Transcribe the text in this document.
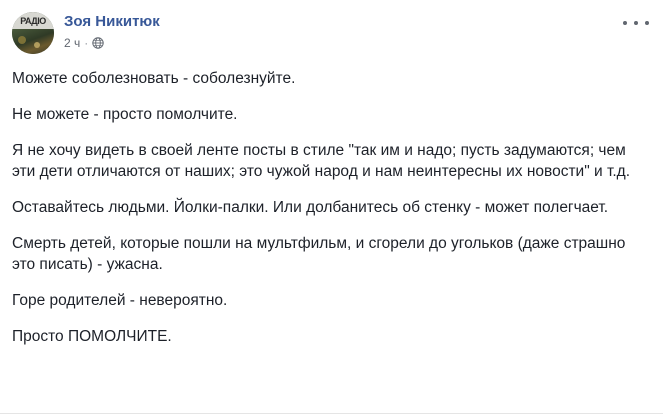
РАДІО	Зоя Никитюк
2 ч ·

Можете соболезновать - соболезнуйте.

Не можете - просто помолчите.

Я не хочу видеть в своей ленте посты в стиле "так им и надо; пусть задумаются; чем эти дети отличаются от наших; это чужой народ и нам неинтересны их новости" и т.д.

Оставайтесь людьми. Йолки-палки. Или долбанитесь об стенку - может полегчает.

Смерть детей, которые пошли на мультфильм, и сгорели до угольков (даже страшно это писать) - ужасна.

Горе родителей - невероятно.

Просто ПОМОЛЧИТЕ.
